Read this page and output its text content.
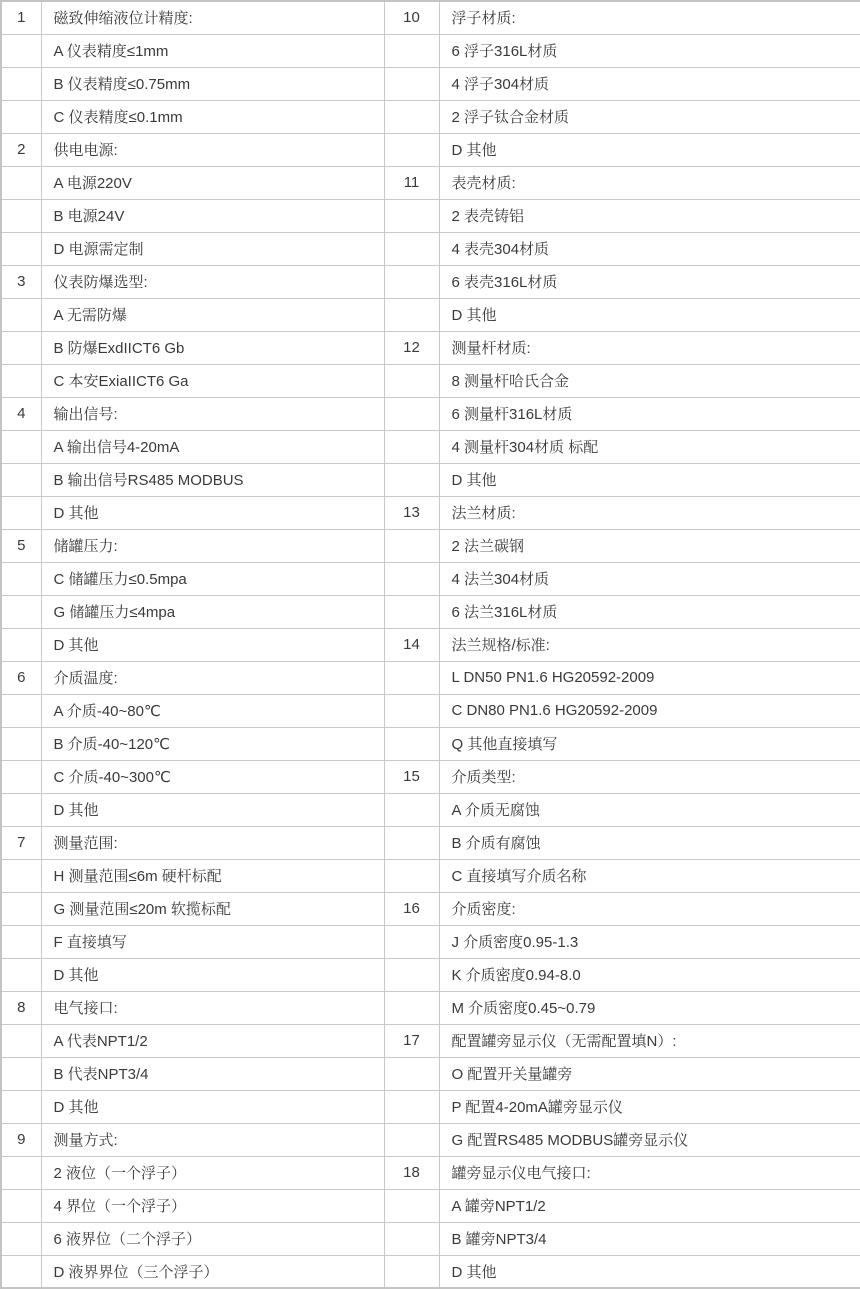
1	磁致伸缩液位计精度:	10	浮子材质:
	A 仪表精度≤1mm		6 浮子316L材质
	B 仪表精度≤0.75mm		4 浮子304材质
	C 仪表精度≤0.1mm		2 浮子钛合金材质
2	供电电源:		D 其他
	A 电源220V	11	表壳材质:
	B 电源24V		2 表壳铸铝
	D 电源需定制		4 表壳304材质
3	仪表防爆选型:		6 表壳316L材质
	A 无需防爆		D 其他
	B 防爆ExdIICT6 Gb	12	测量杆材质:
	C 本安ExiaIICT6 Ga		8 测量杆哈氏合金
4	输出信号:		6 测量杆316L材质
	A 输出信号4-20mA		4 测量杆304材质 标配
	B 输出信号RS485 MODBUS		D 其他
	D 其他	13	法兰材质:
5	储罐压力:		2 法兰碳钢
	C 储罐压力≤0.5mpa		4 法兰304材质
	G 储罐压力≤4mpa		6 法兰316L材质
	D 其他	14	法兰规格/标准:
6	介质温度:		L DN50 PN1.6 HG20592-2009
	A 介质-40~80℃		C DN80 PN1.6 HG20592-2009
	B 介质-40~120℃		Q 其他直接填写
	C 介质-40~300℃	15	介质类型:
	D 其他		A 介质无腐蚀
7	测量范围:		B 介质有腐蚀
	H 测量范围≤6m 硬杆标配		C 直接填写介质名称
	G 测量范围≤20m 软揽标配	16	介质密度:
	F 直接填写		J 介质密度0.95-1.3
	D 其他		K 介质密度0.94-8.0
8	电气接口:		M 介质密度0.45~0.79
	A 代表NPT1/2	17	配置罐旁显示仪（无需配置填N）:
	B 代表NPT3/4		O 配置开关量罐旁
	D 其他		P 配置4-20mA罐旁显示仪
9	测量方式:		G 配置RS485 MODBUS罐旁显示仪
	2 液位（一个浮子）	18	罐旁显示仪电气接口:
	4 界位（一个浮子）		A 罐旁NPT1/2
	6 液界位（二个浮子）		B 罐旁NPT3/4
	D 液界界位（三个浮子）		D 其他
